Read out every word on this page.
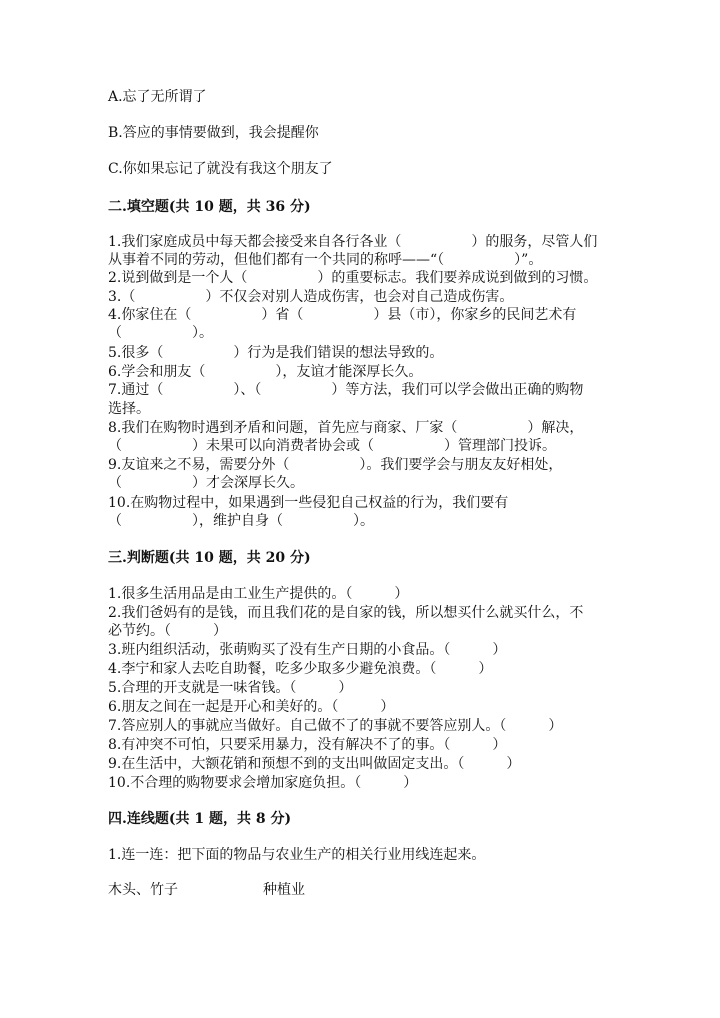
A.忘了无所谓了
B.答应的事情要做到，我会提醒你
C.你如果忘记了就没有我这个朋友了
二.填空题(共 10 题，共 36 分)
1.我们家庭成员中每天都会接受来自各行各业（　　　　　）的服务，尽管人们
从事着不同的劳动，但他们都有一个共同的称呼——“（　　　　　）”。
2.说到做到是一个人（　　　　　）的重要标志。我们要养成说到做到的习惯。
3.（　　　　　）不仅会对别人造成伤害，也会对自己造成伤害。
4.你家住在（　　　　　）省（　　　　　）县（市），你家乡的民间艺术有
（　　　　　）。
5.很多（　　　　　）行为是我们错误的想法导致的。
6.学会和朋友（　　　　　），友谊才能深厚长久。
7.通过（　　　　　）、（　　　　　）等方法，我们可以学会做出正确的购物
选择。
8.我们在购物时遇到矛盾和问题，首先应与商家、厂家（　　　　　）解决，
（　　　　　）未果可以向消费者协会或（　　　　　）管理部门投诉。
9.友谊来之不易，需要分外（　　　　　）。我们要学会与朋友友好相处，
（　　　　　）才会深厚长久。
10.在购物过程中，如果遇到一些侵犯自己权益的行为，我们要有
（　　　　　），维护自身（　　　　　）。
三.判断题(共 10 题，共 20 分)
1.很多生活用品是由工业生产提供的。（　　　）
2.我们爸妈有的是钱，而且我们花的是自家的钱，所以想买什么就买什么，不
必节约。（　　　）
3.班内组织活动，张萌购买了没有生产日期的小食品。（　　　）
4.李宁和家人去吃自助餐，吃多少取多少避免浪费。（　　　）
5.合理的开支就是一味省钱。（　　　）
6.朋友之间在一起是开心和美好的。（　　　）
7.答应别人的事就应当做好。自己做不了的事就不要答应别人。（　　　）
8.有冲突不可怕，只要采用暴力，没有解决不了的事。（　　　）
9.在生活中，大额花销和预想不到的支出叫做固定支出。（　　　）
10.不合理的购物要求会增加家庭负担。（　　　）
四.连线题(共 1 题，共 8 分)
1.连一连：把下面的物品与农业生产的相关行业用线连起来。
木头、竹子	种植业
